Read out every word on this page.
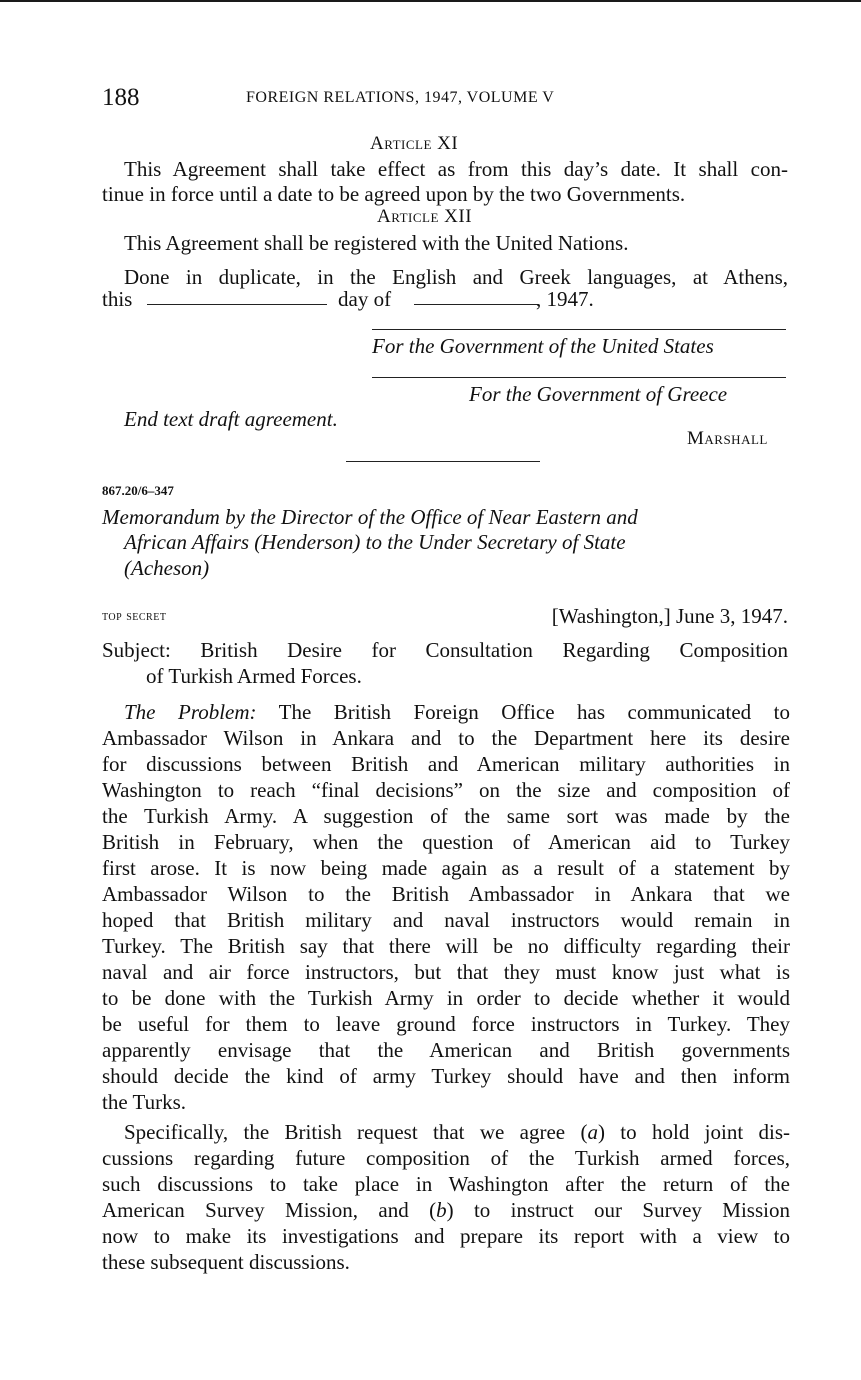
188	FOREIGN RELATIONS, 1947, VOLUME V
Article XI
This Agreement shall take effect as from this day’s date. It shall con-
tinue in force until a date to be agreed upon by the two Governments.
Article XII
This Agreement shall be registered with the United Nations.
Done in duplicate, in the English and Greek languages, at Athens,
this	day of	, 1947.
For the Government of the United States
For the Government of Greece
End text draft agreement.
Marshall
867.20/6–347
Memorandum by the Director of the Office of Near Eastern and
African Affairs (Henderson) to the Under Secretary of State
(Acheson)
top secret	[Washington,] June 3, 1947.
Subject: British Desire for Consultation Regarding Composition
of Turkish Armed Forces.
The Problem: The British Foreign Office has communicated to
Ambassador Wilson in Ankara and to the Department here its desire
for discussions between British and American military authorities in
Washington to reach “final decisions” on the size and composition of
the Turkish Army. A suggestion of the same sort was made by the
British in February, when the question of American aid to Turkey
first arose. It is now being made again as a result of a statement by
Ambassador Wilson to the British Ambassador in Ankara that we
hoped that British military and naval instructors would remain in
Turkey. The British say that there will be no difficulty regarding their
naval and air force instructors, but that they must know just what is
to be done with the Turkish Army in order to decide whether it would
be useful for them to leave ground force instructors in Turkey. They
apparently envisage that the American and British governments
should decide the kind of army Turkey should have and then inform
the Turks.
Specifically, the British request that we agree (a) to hold joint dis-
cussions regarding future composition of the Turkish armed forces,
such discussions to take place in Washington after the return of the
American Survey Mission, and (b) to instruct our Survey Mission
now to make its investigations and prepare its report with a view to
these subsequent discussions.
